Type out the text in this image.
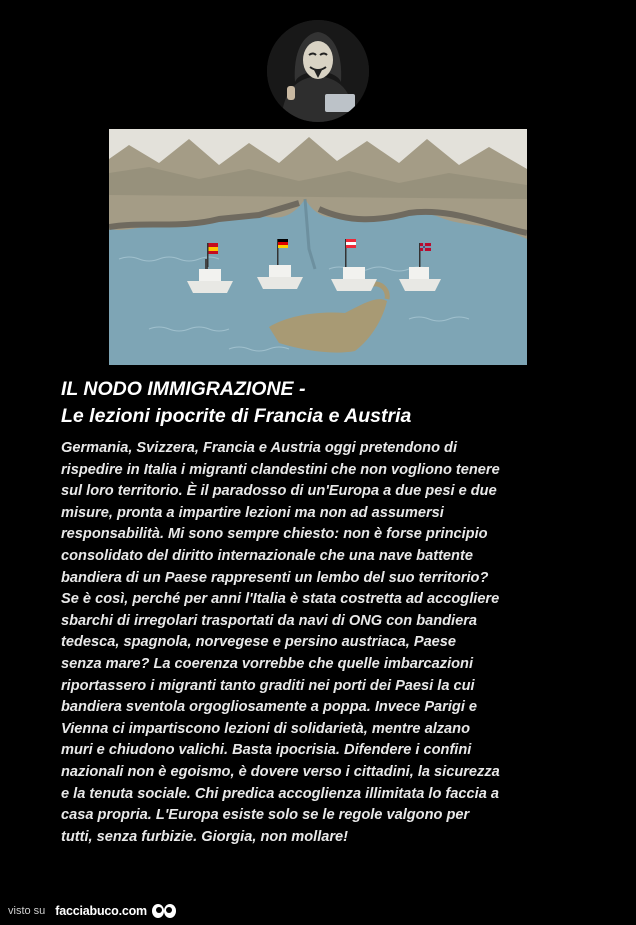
IL NODO IMMIGRAZIONE -
Le lezioni ipocrite di Francia e Austria
Germania, Svizzera, Francia e Austria oggi pretendono di
rispedire in Italia i migranti clandestini che non vogliono tenere
sul loro territorio. È il paradosso di un'Europa a due pesi e due
misure, pronta a impartire lezioni ma non ad assumersi
responsabilità. Mi sono sempre chiesto: non è forse principio
consolidato del diritto internazionale che una nave battente
bandiera di un Paese rappresenti un lembo del suo territorio?
Se è così, perché per anni l'Italia è stata costretta ad accogliere
sbarchi di irregolari trasportati da navi di ONG con bandiera
tedesca, spagnola, norvegese e persino austriaca, Paese
senza mare? La coerenza vorrebbe che quelle imbarcazioni
riportassero i migranti tanto graditi nei porti dei Paesi la cui
bandiera sventola orgogliosamente a poppa. Invece Parigi e
Vienna ci impartiscono lezioni di solidarietà, mentre alzano
muri e chiudono valichi. Basta ipocrisia. Difendere i confini
nazionali non è egoismo, è dovere verso i cittadini, la sicurezza
e la tenuta sociale. Chi predica accoglienza illimitata lo faccia a
casa propria. L'Europa esiste solo se le regole valgono per
tutti, senza furbizie. Giorgia, non mollare!
visto su facciabuco.com
